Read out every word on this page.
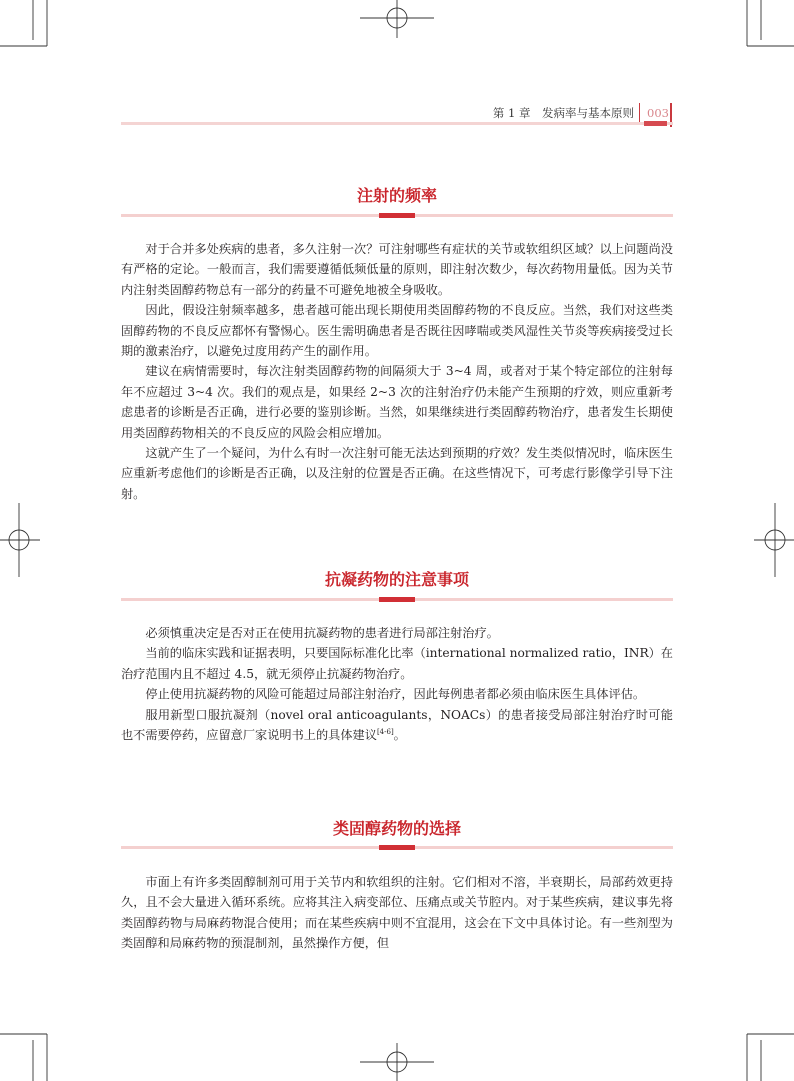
第 1 章　发病率与基本原则	003
注射的频率

对于合并多处疾病的患者，多久注射一次？可注射哪些有症状的关节或软组织区域？以上问题尚没有严格的定论。一般而言，我们需要遵循低频低量的原则，即注射次数少，每次药物用量低。因为关节内注射类固醇药物总有一部分的药量不可避免地被全身吸收。

因此，假设注射频率越多，患者越可能出现长期使用类固醇药物的不良反应。当然，我们对这些类固醇药物的不良反应都怀有警惕心。医生需明确患者是否既往因哮喘或类风湿性关节炎等疾病接受过长期的激素治疗，以避免过度用药产生的副作用。

建议在病情需要时，每次注射类固醇药物的间隔须大于 3~4 周，或者对于某个特定部位的注射每年不应超过 3~4 次。我们的观点是，如果经 2~3 次的注射治疗仍未能产生预期的疗效，则应重新考虑患者的诊断是否正确，进行必要的鉴别诊断。当然，如果继续进行类固醇药物治疗，患者发生长期使用类固醇药物相关的不良反应的风险会相应增加。

这就产生了一个疑问，为什么有时一次注射可能无法达到预期的疗效？发生类似情况时，临床医生应重新考虑他们的诊断是否正确，以及注射的位置是否正确。在这些情况下，可考虑行影像学引导下注射。

抗凝药物的注意事项

必须慎重决定是否对正在使用抗凝药物的患者进行局部注射治疗。

当前的临床实践和证据表明，只要国际标准化比率（international normalized ratio，INR）在治疗范围内且不超过 4.5，就无须停止抗凝药物治疗。

停止使用抗凝药物的风险可能超过局部注射治疗，因此每例患者都必须由临床医生具体评估。

服用新型口服抗凝剂（novel oral anticoagulants，NOACs）的患者接受局部注射治疗时可能也不需要停药，应留意厂家说明书上的具体建议[4-6]。

类固醇药物的选择

市面上有许多类固醇制剂可用于关节内和软组织的注射。它们相对不溶，半衰期长，局部药效更持久，且不会大量进入循环系统。应将其注入病变部位、压痛点或关节腔内。对于某些疾病，建议事先将类固醇药物与局麻药物混合使用；而在某些疾病中则不宜混用，这会在下文中具体讨论。有一些剂型为类固醇和局麻药物的预混制剂，虽然操作方便，但
